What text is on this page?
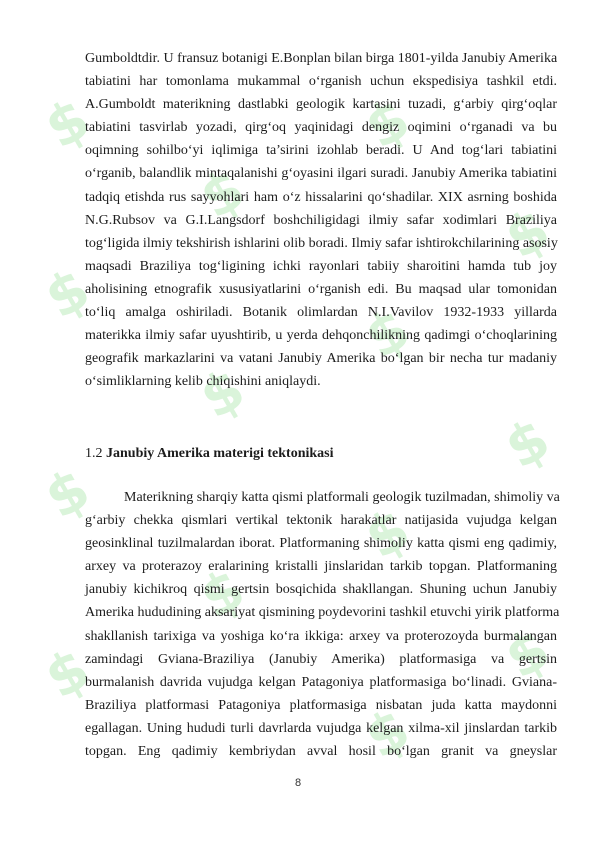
$
$
$
$
$
$
$
$
$
$
$
$
$
$
Gumboldtdir. U fransuz botanigi E.Bonplan bilan birga 1801-yilda Janubiy Amerika
tabiatini har tomonlama mukammal o‘rganish uchun ekspedisiya tashkil etdi.
A.Gumboldt materikning dastlabki geologik kartasini tuzadi, g‘arbiy qirg‘oqlar
tabiatini tasvirlab yozadi, qirg‘oq yaqinidagi dengiz oqimini o‘rganadi va bu
oqimning sohilbo‘yi iqlimiga ta’sirini izohlab beradi. U And tog‘lari tabiatini
o‘rganib, balandlik mintaqalanishi g‘oyasini ilgari suradi. Janubiy Amerika tabiatini
tadqiq etishda rus sayyohlari ham o‘z hissalarini qo‘shadilar. XIX asrning boshida
N.G.Rubsov va G.I.Langsdorf boshchiligidagi ilmiy safar xodimlari Braziliya
tog‘ligida ilmiy tekshirish ishlarini olib boradi. Ilmiy safar ishtirokchilarining asosiy
maqsadi Braziliya tog‘ligining ichki rayonlari tabiiy sharoitini hamda tub joy
aholisining etnografik xususiyatlarini o‘rganish edi. Bu maqsad ular tomonidan
to‘liq amalga oshiriladi. Botanik olimlardan N.I.Vavilov 1932-1933 yillarda
materikka ilmiy safar uyushtirib, u yerda dehqonchilikning qadimgi o‘choqlarining
geografik markazlarini va vatani Janubiy Amerika bo‘lgan bir necha tur madaniy
o‘simliklarning kelib chiqishini aniqlaydi.
1.2 Janubiy Amerika materigi tektonikasi
Materikning sharqiy katta qismi platformali geologik tuzilmadan, shimoliy va
g‘arbiy chekka qismlari vertikal tektonik harakatlar natijasida vujudga kelgan
geosinklinal tuzilmalardan iborat. Platformaning shimoliy katta qismi eng qadimiy,
arxey va proterazoy eralarining kristalli jinslaridan tarkib topgan. Platformaning
janubiy kichikroq qismi gertsin bosqichida shakllangan. Shuning uchun Janubiy
Amerika hududining aksariyat qismining poydevorini tashkil etuvchi yirik platforma
shakllanish tarixiga va yoshiga ko‘ra ikkiga: arxey va proterozoyda burmalangan
zamindagi Gviana-Braziliya (Janubiy Amerika) platformasiga va gertsin
burmalanish davrida vujudga kelgan Patagoniya platformasiga bo‘linadi. Gviana-
Braziliya platformasi Patagoniya platformasiga nisbatan juda katta maydonni
egallagan. Uning hududi turli davrlarda vujudga kelgan xilma-xil jinslardan tarkib
topgan. Eng qadimiy kembriydan avval hosil bo‘lgan granit va gneyslar
8
